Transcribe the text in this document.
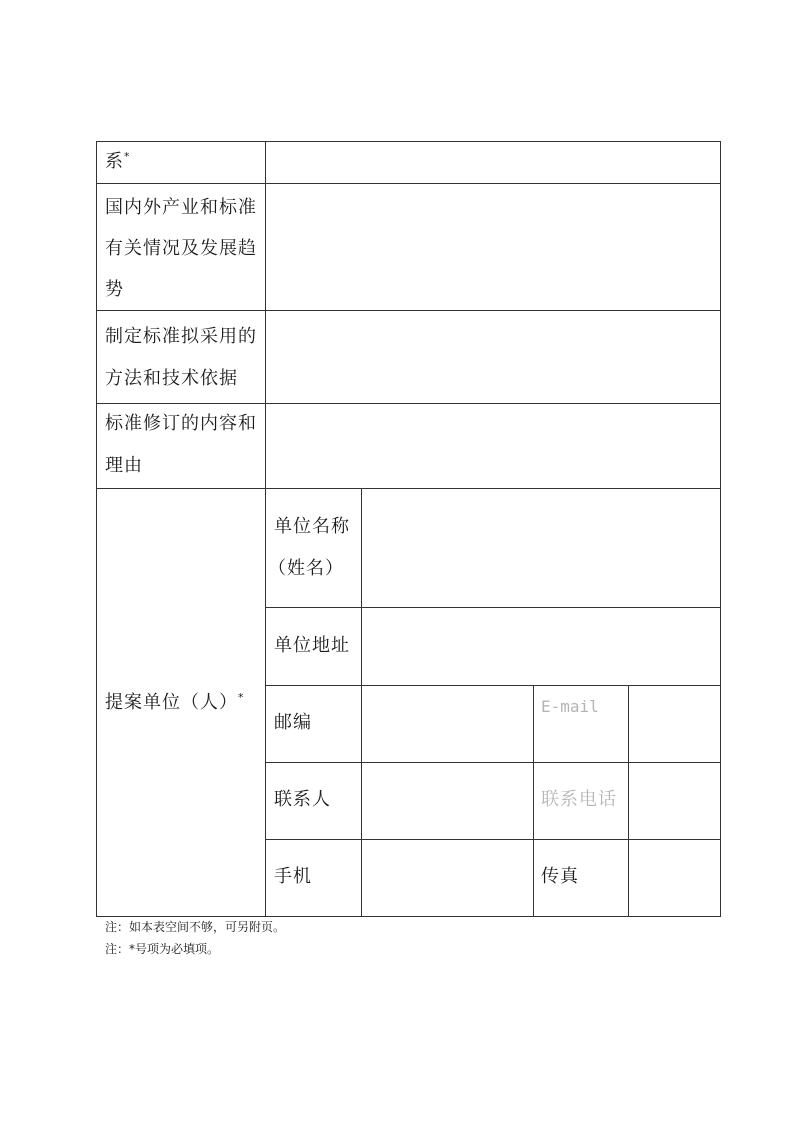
系*
国内外产业和标准
有关情况及发展趋
势
制定标准拟采用的
方法和技术依据
标准修订的内容和
理由
提案单位（人）*
单位名称
（姓名）
单位地址
邮编
E-mail
联系人	联系电话
手机	传真
注：如本表空间不够，可另附页。
注：*号项为必填项。
